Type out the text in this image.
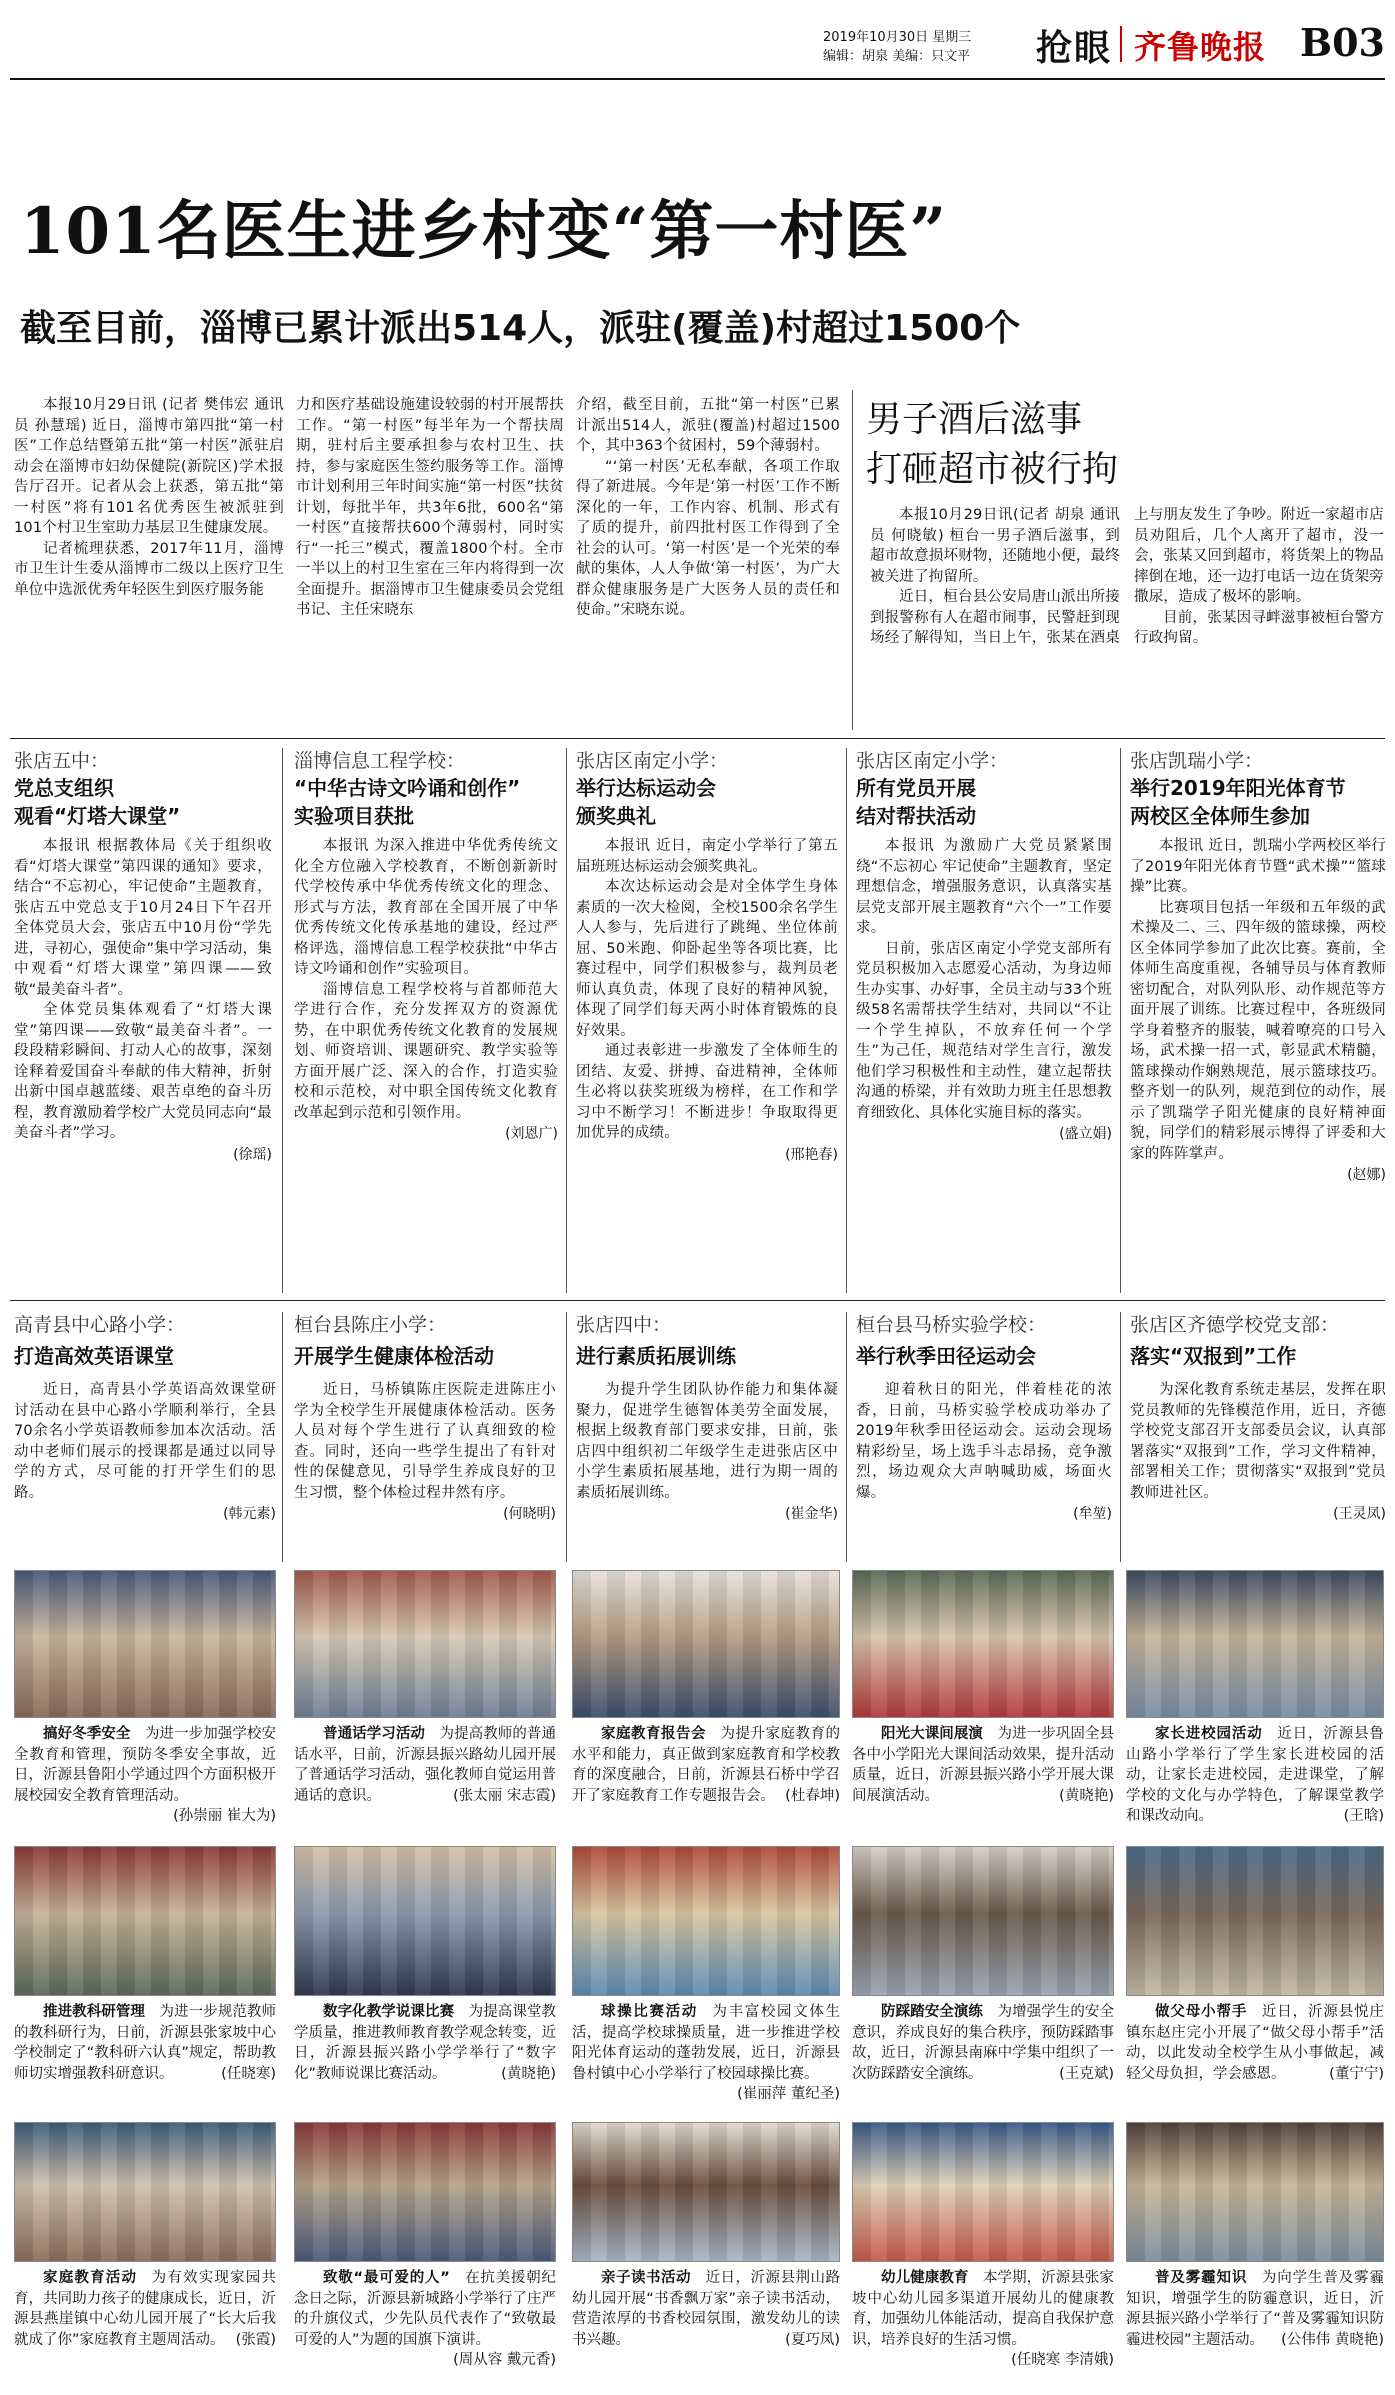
2019年10月30日 星期三
编辑：胡泉 美编：只文平 抢眼 齐鲁晚报 B03
101名医生进乡村变“第一村医”
截至目前，淄博已累计派出514人，派驻(覆盖)村超过1500个

本报10月29日讯 (记者 樊伟宏 通讯员 孙慧瑶) 近日，淄博市第四批“第一村医”工作总结暨第五批“第一村医”派驻启动会在淄博市妇幼保健院(新院区)学术报告厅召开。记者从会上获悉，第五批“第一村医”将有101名优秀医生被派驻到101个村卫生室助力基层卫生健康发展。

记者梳理获悉，2017年11月，淄博市卫生计生委从淄博市二级以上医疗卫生单位中选派优秀年轻医生到医疗服务能

力和医疗基础设施建设较弱的村开展帮扶工作。“第一村医”每半年为一个帮扶周期，驻村后主要承担参与农村卫生、扶持，参与家庭医生签约服务等工作。淄博市计划利用三年时间实施“第一村医”扶贫计划，每批半年，共3年6批，600名“第一村医”直接帮扶600个薄弱村，同时实行“一托三”模式，覆盖1800个村。全市一半以上的村卫生室在三年内将得到一次全面提升。据淄博市卫生健康委员会党组书记、主任宋晓东

介绍，截至目前，五批“第一村医”已累计派出514人，派驻(覆盖)村超过1500个，其中363个贫困村，59个薄弱村。

“‘第一村医’无私奉献，各项工作取得了新进展。今年是‘第一村医’工作不断深化的一年，工作内容、机制、形式有了质的提升，前四批村医工作得到了全社会的认可。‘第一村医’是一个光荣的奉献的集体，人人争做‘第一村医’，为广大群众健康服务是广大医务人员的责任和使命。”宋晓东说。

男子酒后滋事
打砸超市被行拘

本报10月29日讯(记者 胡泉 通讯员 何晓敏) 桓台一男子酒后滋事，到超市故意损坏财物，还随地小便，最终被关进了拘留所。

近日，桓台县公安局唐山派出所接到报警称有人在超市闹事，民警赶到现场经了解得知，当日上午，张某在酒桌

上与朋友发生了争吵。附近一家超市店员劝阻后，几个人离开了超市，没一会，张某又回到超市，将货架上的物品摔倒在地，还一边打电话一边在货架旁撒尿，造成了极坏的影响。

目前，张某因寻衅滋事被桓台警方行政拘留。

张店五中：
党总支组织
观看“灯塔大课堂”

本报讯 根据教体局《关于组织收看“灯塔大课堂”第四课的通知》要求，结合“不忘初心，牢记使命”主题教育，张店五中党总支于10月24日下午召开全体党员大会，张店五中10月份“学先进，寻初心，强使命”集中学习活动，集中观看“灯塔大课堂”第四课——致敬“最美奋斗者”。

全体党员集体观看了“灯塔大课堂”第四课——致敬“最美奋斗者”。一段段精彩瞬间、打动人心的故事，深刻诠释着爱国奋斗奉献的伟大精神，折射出新中国卓越蓝缕、艰苦卓绝的奋斗历程，教育激励着学校广大党员同志向“最美奋斗者”学习。

(徐瑶)
淄博信息工程学校：
“中华古诗文吟诵和创作”
实验项目获批

本报讯 为深入推进中华优秀传统文化全方位融入学校教育，不断创新新时代学校传承中华优秀传统文化的理念、形式与方法，教育部在全国开展了中华优秀传统文化传承基地的建设，经过严格评选，淄博信息工程学校获批“中华古诗文吟诵和创作”实验项目。

淄博信息工程学校将与首都师范大学进行合作，充分发挥双方的资源优势，在中职优秀传统文化教育的发展规划、师资培训、课题研究、教学实验等方面开展广泛、深入的合作，打造实验校和示范校，对中职全国传统文化教育改革起到示范和引领作用。

(刘恩广)
张店区南定小学：
举行达标运动会
颁奖典礼

本报讯 近日，南定小学举行了第五届班班达标运动会颁奖典礼。

本次达标运动会是对全体学生身体素质的一次大检阅，全校1500余名学生人人参与，先后进行了跳绳、坐位体前屈、50米跑、仰卧起坐等各项比赛，比赛过程中，同学们积极参与，裁判员老师认真负责，体现了良好的精神风貌，体现了同学们每天两小时体育锻炼的良好效果。

通过表彰进一步激发了全体师生的团结、友爱、拼搏、奋进精神，全体师生必将以获奖班级为榜样，在工作和学习中不断学习！不断进步！争取取得更加优异的成绩。

(邢艳春)
张店区南定小学：
所有党员开展
结对帮扶活动

本报讯 为激励广大党员紧紧围绕“不忘初心 牢记使命”主题教育，坚定理想信念，增强服务意识，认真落实基层党支部开展主题教育“六个一”工作要求。

日前，张店区南定小学党支部所有党员积极加入志愿爱心活动，为身边师生办实事、办好事，全员主动与33个班级58名需帮扶学生结对，共同以“不让一个学生掉队，不放弃任何一个学生”为己任，规范结对学生言行，激发他们学习积极性和主动性，建立起帮扶沟通的桥梁，并有效助力班主任思想教育细致化、具体化实施目标的落实。

(盛立娟)
张店凯瑞小学：
举行2019年阳光体育节
两校区全体师生参加

本报讯 近日，凯瑞小学两校区举行了2019年阳光体育节暨“武术操”“篮球操”比赛。

比赛项目包括一年级和五年级的武术操及二、三、四年级的篮球操，两校区全体同学参加了此次比赛。赛前，全体师生高度重视，各辅导员与体育教师密切配合，对队列队形、动作规范等方面开展了训练。比赛过程中，各班级同学身着整齐的服装，喊着嘹亮的口号入场，武术操一招一式，彰显武术精髓，篮球操动作娴熟规范，展示篮球技巧。整齐划一的队列，规范到位的动作，展示了凯瑞学子阳光健康的良好精神面貌，同学们的精彩展示博得了评委和大家的阵阵掌声。

(赵娜)
高青县中心路小学：
打造高效英语课堂

近日，高青县小学英语高效课堂研讨活动在县中心路小学顺利举行，全县70余名小学英语教师参加本次活动。活动中老师们展示的授课都是通过以同导学的方式，尽可能的打开学生们的思路。

(韩元素)
桓台县陈庄小学：
开展学生健康体检活动

近日，马桥镇陈庄医院走进陈庄小学为全校学生开展健康体检活动。医务人员对每个学生进行了认真细致的检查。同时，还向一些学生提出了有针对性的保健意见，引导学生养成良好的卫生习惯，整个体检过程井然有序。

(何晓明)
张店四中：
进行素质拓展训练

为提升学生团队协作能力和集体凝聚力，促进学生德智体美劳全面发展，根据上级教育部门要求安排，日前，张店四中组织初二年级学生走进张店区中小学生素质拓展基地，进行为期一周的素质拓展训练。

(崔金华)
桓台县马桥实验学校：
举行秋季田径运动会

迎着秋日的阳光，伴着桂花的浓香，日前，马桥实验学校成功举办了2019年秋季田径运动会。运动会现场精彩纷呈，场上选手斗志昂扬，竞争激烈，场边观众大声呐喊助威，场面火爆。

(牟堃)
张店区齐德学校党支部：
落实“双报到”工作

为深化教育系统走基层，发挥在职党员教师的先锋模范作用，近日，齐德学校党支部召开支部委员会议，认真部署落实“双报到”工作，学习文件精神，部署相关工作；贯彻落实“双报到”党员教师进社区。

(王灵凤)
搞好冬季安全 为进一步加强学校安全教育和管理，预防冬季安全事故，近日，沂源县鲁阳小学通过四个方面积极开展校园安全教育管理活动。
(孙崇丽 崔大为)
普通话学习活动 为提高教师的普通话水平，日前，沂源县振兴路幼儿园开展了普通话学习活动，强化教师自觉运用普通话的意识。	(张太丽 宋志霞)
家庭教育报告会 为提升家庭教育的水平和能力，真正做到家庭教育和学校教育的深度融合，日前，沂源县石桥中学召开了家庭教育工作专题报告会。 (杜春坤)
阳光大课间展演 为进一步巩固全县各中小学阳光大课间活动效果，提升活动质量，近日，沂源县振兴路小学开展大课间展演活动。	(黄晓艳)
家长进校园活动 近日，沂源县鲁山路小学举行了学生家长进校园的活动，让家长走进校园，走进课堂，了解学校的文化与办学特色，了解课堂教学和课改动向。	(王晗)
推进教科研管理 为进一步规范教师的教科研行为，日前，沂源县张家坡中心学校制定了“教科研六认真”规定，帮助教师切实增强教科研意识。	(任晓寒)
数字化教学说课比赛 为提高课堂教学质量，推进教师教育教学观念转变，近日，沂源县振兴路小学学举行了“数字化”教师说课比赛活动。	(黄晓艳)
球操比赛活动 为丰富校园文体生活，提高学校球操质量，进一步推进学校阳光体育运动的蓬勃发展，近日，沂源县鲁村镇中心小学举行了校园球操比赛。
(崔丽萍 董纪圣)
防踩踏安全演练 为增强学生的安全意识，养成良好的集合秩序，预防踩踏事故，近日，沂源县南麻中学集中组织了一次防踩踏安全演练。	(王克斌)
做父母小帮手 近日，沂源县悦庄镇东赵庄完小开展了“做父母小帮手”活动，以此发动全校学生从小事做起，减轻父母负担，学会感恩。	(董宁宁)
家庭教育活动 为有效实现家园共育，共同助力孩子的健康成长，近日，沂源县燕崖镇中心幼儿园开展了“长大后我就成了你”家庭教育主题周活动。 (张霞)
致敬“最可爱的人” 在抗美援朝纪念日之际，沂源县新城路小学举行了庄严的升旗仪式，少先队员代表作了“致敬最可爱的人”为题的国旗下演讲。
(周从容 戴元香)
亲子读书活动 近日，沂源县荆山路幼儿园开展“书香飘万家”亲子读书活动，营造浓厚的书香校园氛围，激发幼儿的读书兴趣。	(夏巧凤)
幼儿健康教育 本学期，沂源县张家坡中心幼儿园多渠道开展幼儿的健康教育，加强幼儿体能活动，提高自我保护意识，培养良好的生活习惯。
(任晓寒 李清娥)
普及雾霾知识 为向学生普及雾霾知识，增强学生的防霾意识，近日，沂源县振兴路小学举行了“普及雾霾知识防霾进校园”主题活动。 (公伟伟 黄晓艳)
